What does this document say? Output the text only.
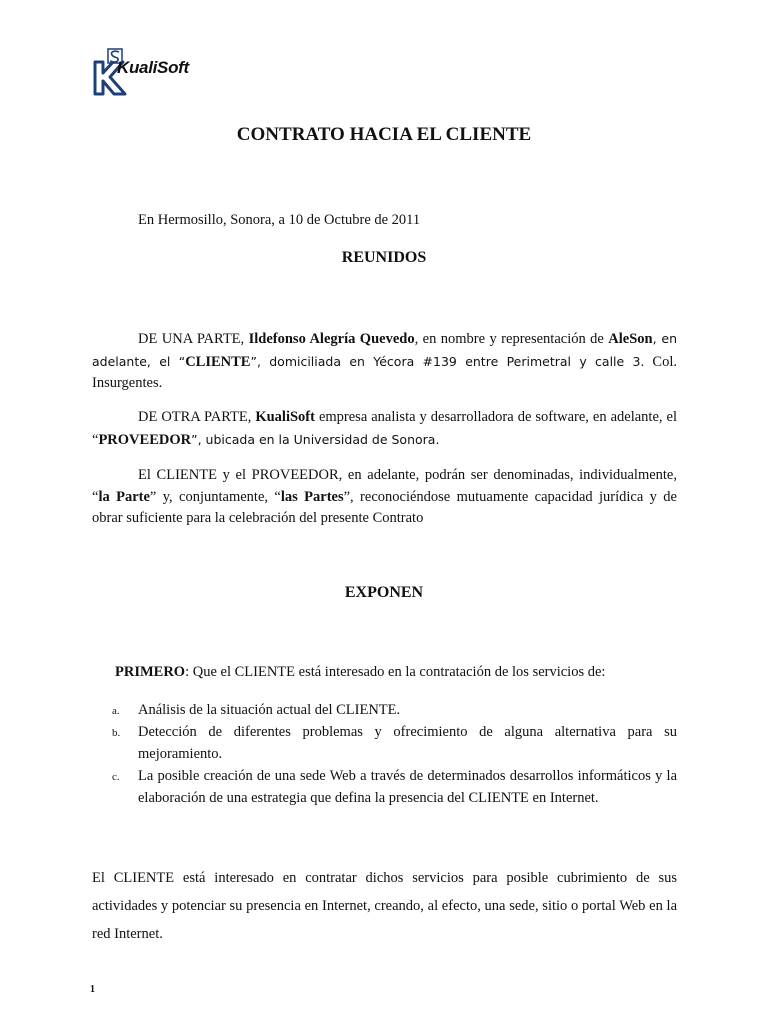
KualiSoft
CONTRATO HACIA EL CLIENTE
En Hermosillo, Sonora, a 10 de Octubre de 2011
REUNIDOS
DE UNA PARTE, Ildefonso Alegría Quevedo, en nombre y representación de AleSon, en adelante, el “CLIENTE”, domiciliada en Yécora #139 entre Perimetral y calle 3. Col. Insurgentes.
DE OTRA PARTE, KualiSoft empresa analista y desarrolladora de software, en adelante, el “PROVEEDOR”, ubicada en la Universidad de Sonora.
El CLIENTE y el PROVEEDOR, en adelante, podrán ser denominadas, individualmente, “la Parte” y, conjuntamente, “las Partes”, reconociéndose mutuamente capacidad jurídica y de obrar suficiente para la celebración del presente Contrato
EXPONEN
PRIMERO: Que el CLIENTE está interesado en la contratación de los servicios de:
a. Análisis de la situación actual del CLIENTE.
b. Detección de diferentes problemas y ofrecimiento de alguna alternativa para su mejoramiento.
c. La posible creación de una sede Web a través de determinados desarrollos informáticos y la elaboración de una estrategia que defina la presencia del CLIENTE en Internet.
El CLIENTE está interesado en contratar dichos servicios para posible cubrimiento de sus actividades y potenciar su presencia en Internet, creando, al efecto, una sede, sitio o portal Web en la red Internet.
1
